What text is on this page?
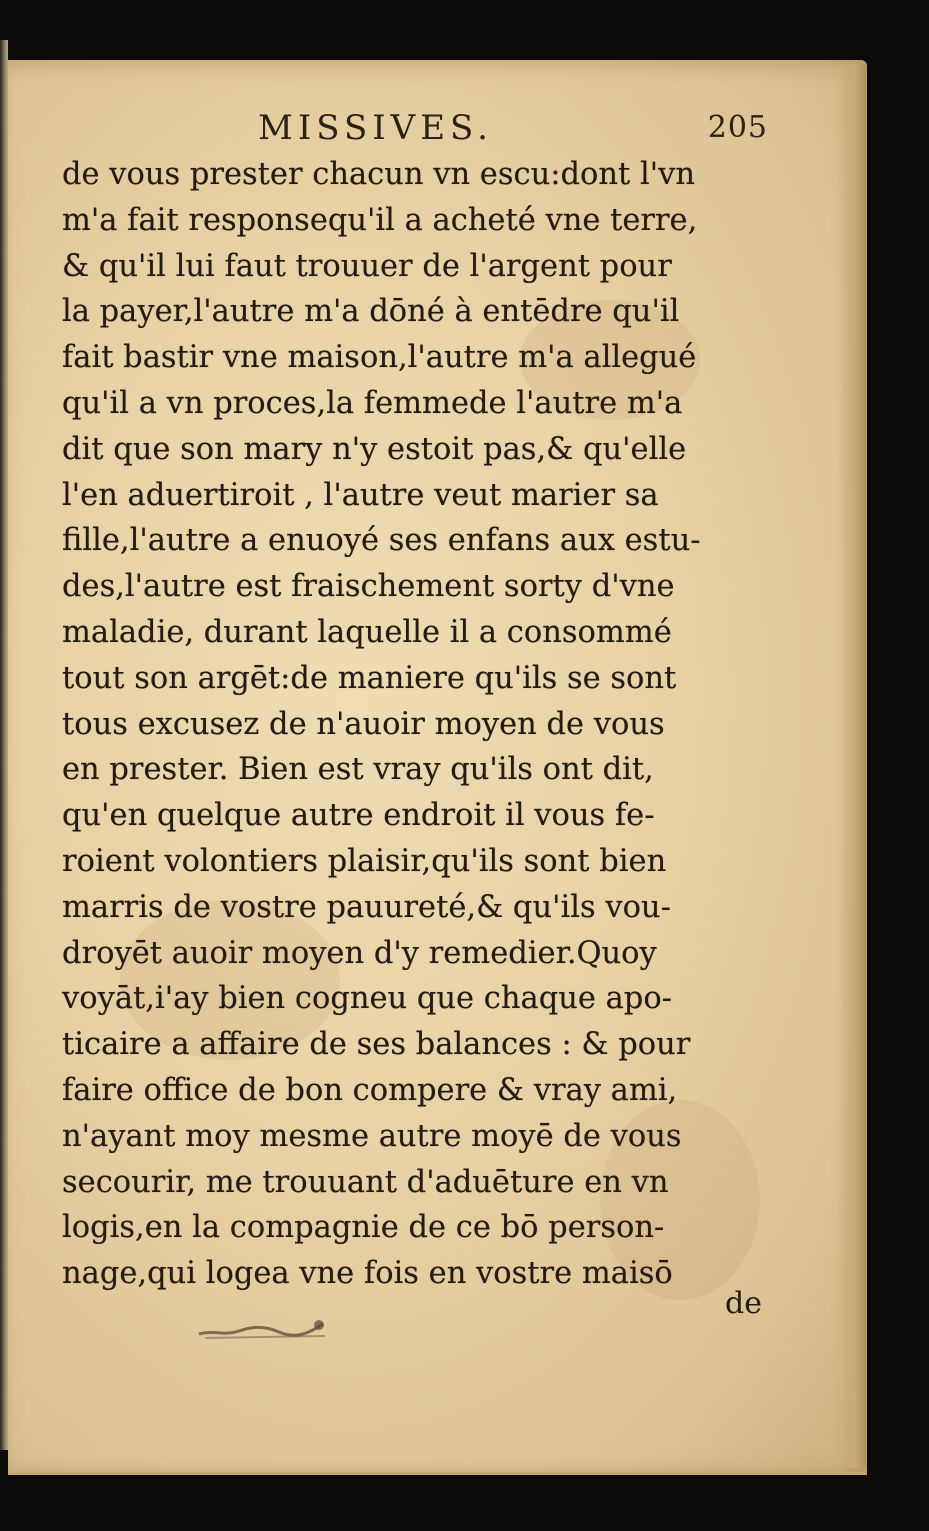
MISSIVES.	205
de vous prester chacun vn escu:dont l'vn
m'a fait responsequ'il a acheté vne terre,
& qu'il lui faut trouuer de l'argent pour
la payer,l'autre m'a dōné à entēdre qu'il
fait bastir vne maison,l'autre m'a allegué
qu'il a vn proces,la femmede l'autre m'a
dit que son mary n'y estoit pas,& qu'elle
l'en aduertiroit , l'autre veut marier sa
fille,l'autre a enuoyé ses enfans aux estu-
des,l'autre est fraischement sorty d'vne
maladie, durant laquelle il a consommé
tout son argēt:de maniere qu'ils se sont
tous excusez de n'auoir moyen de vous
en prester. Bien est vray qu'ils ont dit,
qu'en quelque autre endroit il vous fe-
roient volontiers plaisir,qu'ils sont bien
marris de vostre pauureté,& qu'ils vou-
droyēt auoir moyen d'y remedier.Quoy
voyāt,i'ay bien cogneu que chaque apo-
ticaire a affaire de ses balances : & pour
faire office de bon compere & vray ami,
n'ayant moy mesme autre moyē de vous
secourir, me trouuant d'aduēture en vn
logis,en la compagnie de ce bō person-
nage,qui logea vne fois en vostre maisō
de
